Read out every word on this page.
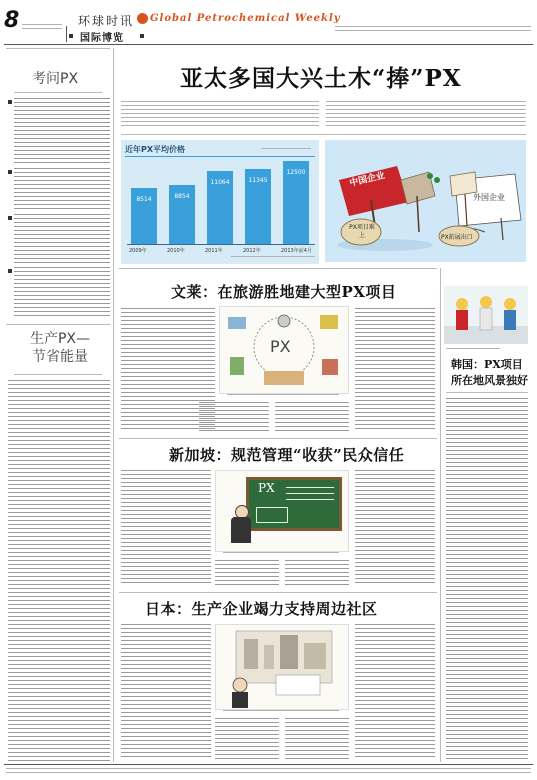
8	环球时讯 Global Petrochemical Weekly
国际博览
考问PX
生产PX—节省能量
亚太多国大兴土木“捧”PX
近年PX平均价格
8514
2009年
8854
2010年
11064
2011年
11345
2012年
12500
2013年前4月
中国企业
外国企业
PX项目难上	PX拓展出口
文莱：在旅游胜地建大型PX项目
PX
新加坡：规范管理“收获”民众信任
PX
日本：生产企业竭力支持周边社区
韩国：PX项目
所在地风景独好
